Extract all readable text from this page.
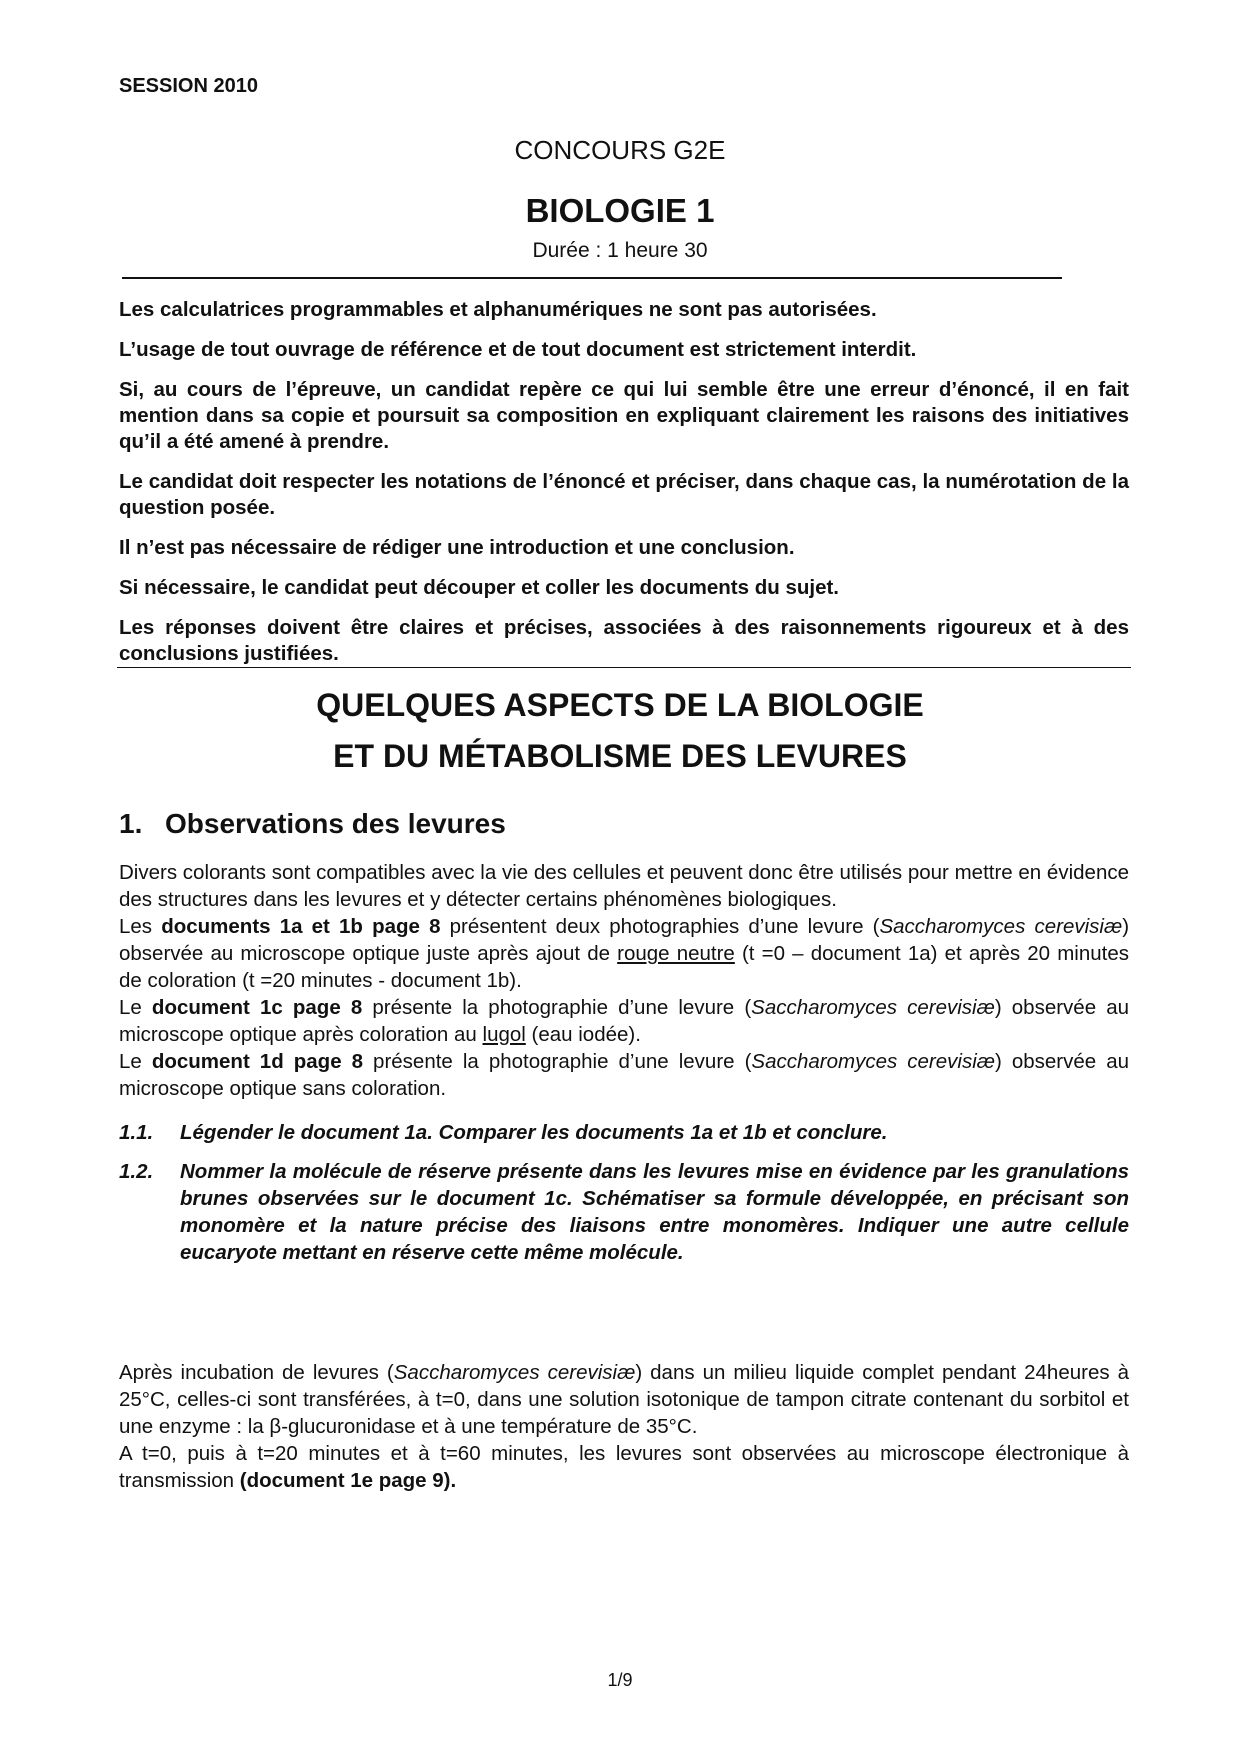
SESSION 2010
CONCOURS G2E
BIOLOGIE 1
Durée : 1 heure 30

Les calculatrices programmables et alphanumériques ne sont pas autorisées.

L’usage de tout ouvrage de référence et de tout document est strictement interdit.

Si, au cours de l’épreuve, un candidat repère ce qui lui semble être une erreur d’énoncé, il en fait mention dans sa copie et poursuit sa composition en expliquant clairement les raisons des initiatives qu’il a été amené à prendre.

Le candidat doit respecter les notations de l’énoncé et préciser, dans chaque cas, la numérotation de la question posée.

Il n’est pas nécessaire de rédiger une introduction et une conclusion.

Si nécessaire, le candidat peut découper et coller les documents du sujet.

Les réponses doivent être claires et précises, associées à des raisonnements rigoureux et à des conclusions justifiées.

QUELQUES ASPECTS DE LA BIOLOGIE
ET DU MÉTABOLISME DES LEVURES
1. Observations des levures
Divers colorants sont compatibles avec la vie des cellules et peuvent donc être utilisés pour mettre en évidence des structures dans les levures et y détecter certains phénomènes biologiques.
Les documents 1a et 1b page 8 présentent deux photographies d’une levure (Saccharomyces cerevisiæ) observée au microscope optique juste après ajout de rouge neutre (t =0 – document 1a) et après 20 minutes de coloration (t =20 minutes - document 1b).
Le document 1c page 8 présente la photographie d’une levure (Saccharomyces cerevisiæ) observée au microscope optique après coloration au lugol (eau iodée).
Le document 1d page 8 présente la photographie d’une levure (Saccharomyces cerevisiæ) observée au microscope optique sans coloration.
1.1.	Légender le document 1a. Comparer les documents 1a et 1b et conclure.
1.2.	Nommer la molécule de réserve présente dans les levures mise en évidence par les granulations brunes observées sur le document 1c. Schématiser sa formule développée, en précisant son monomère et la nature précise des liaisons entre monomères. Indiquer une autre cellule eucaryote mettant en réserve cette même molécule.
Après incubation de levures (Saccharomyces cerevisiæ) dans un milieu liquide complet pendant 24heures à 25°C, celles-ci sont transférées, à t=0, dans une solution isotonique de tampon citrate contenant du sorbitol et une enzyme : la β-glucuronidase et à une température de 35°C.
A t=0, puis à t=20 minutes et à t=60 minutes, les levures sont observées au microscope électronique à transmission (document 1e page 9).
1/9
